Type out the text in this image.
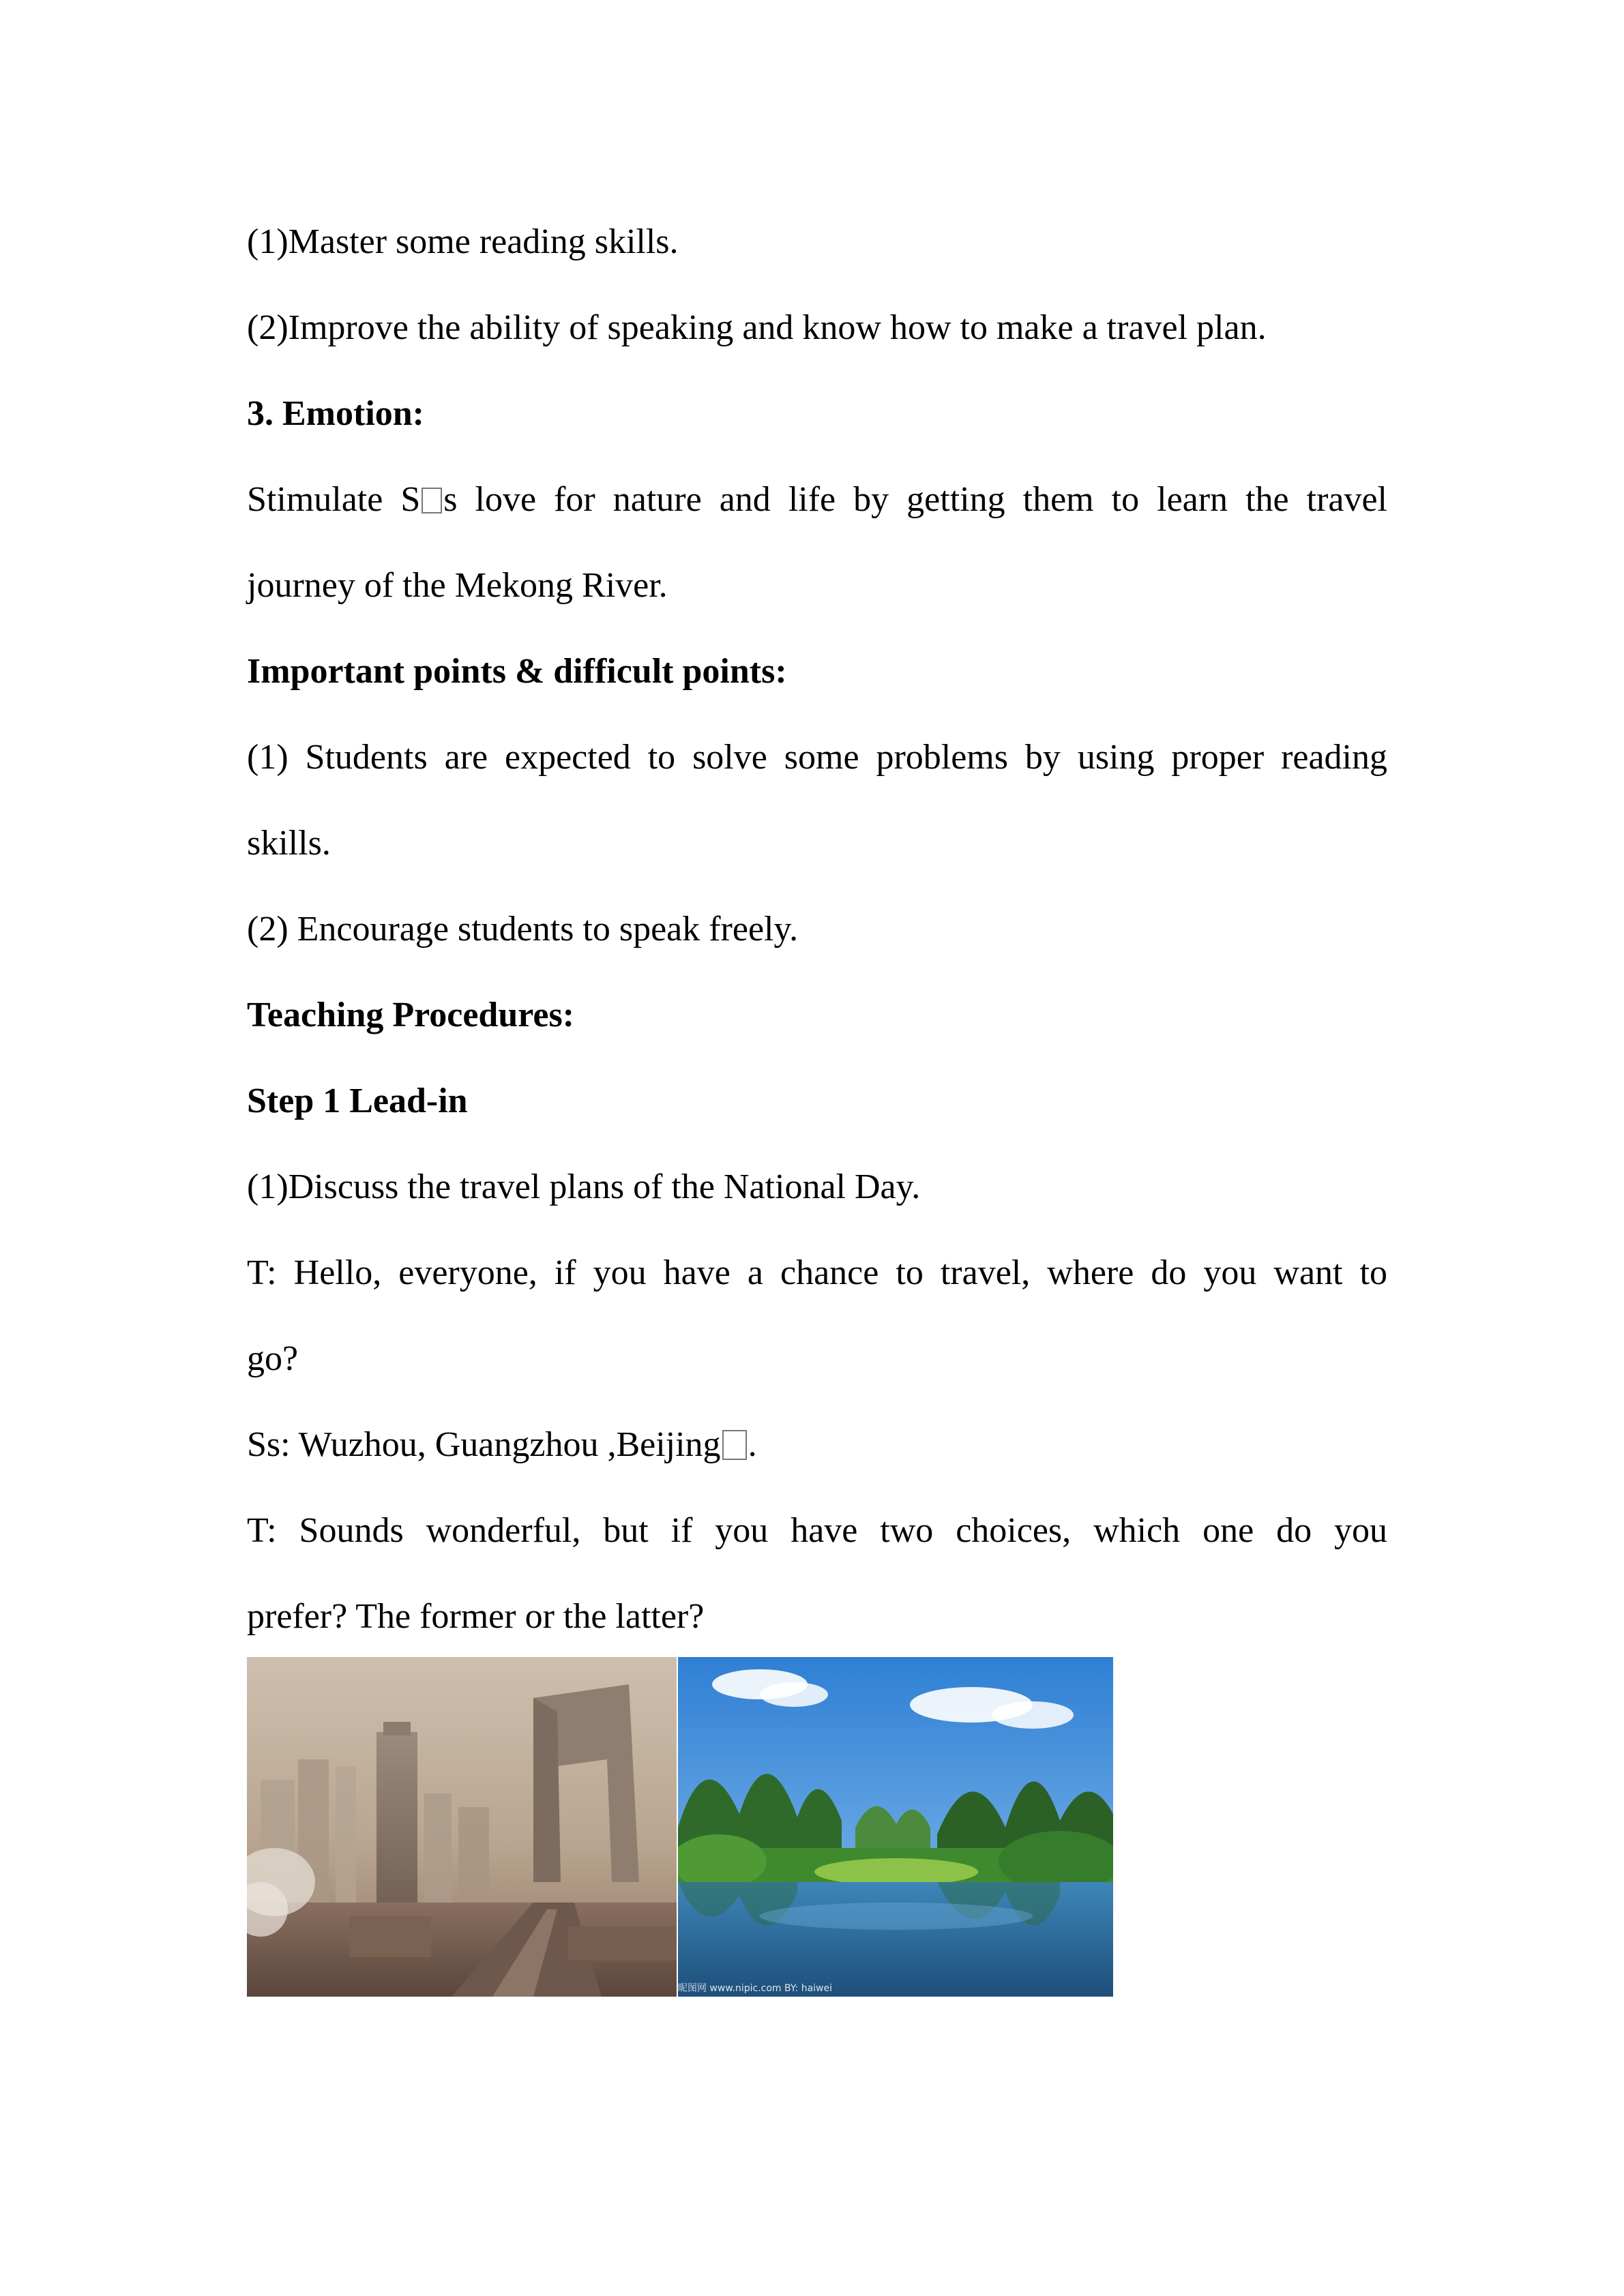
(1)Master some reading skills.
(2)Improve the ability of speaking and know how to make a travel plan.
3. Emotion:
Stimulate S s love for nature and life by getting them to learn the travel
journey of the Mekong River.
Important points & difficult points:
(1) Students are expected to solve some problems by using proper reading
skills.
(2) Encourage students to speak freely.
Teaching Procedures:
Step 1 Lead-in
(1)Discuss the travel plans of the National Day.
T: Hello, everyone, if you have a chance to travel, where do you want to
go?
Ss: Wuzhou, Guangzhou ,Beijing .
T: Sounds wonderful, but if you have two choices, which one do you
prefer? The former or the latter?
昵图网 www.nipic.com BY: haiwei
